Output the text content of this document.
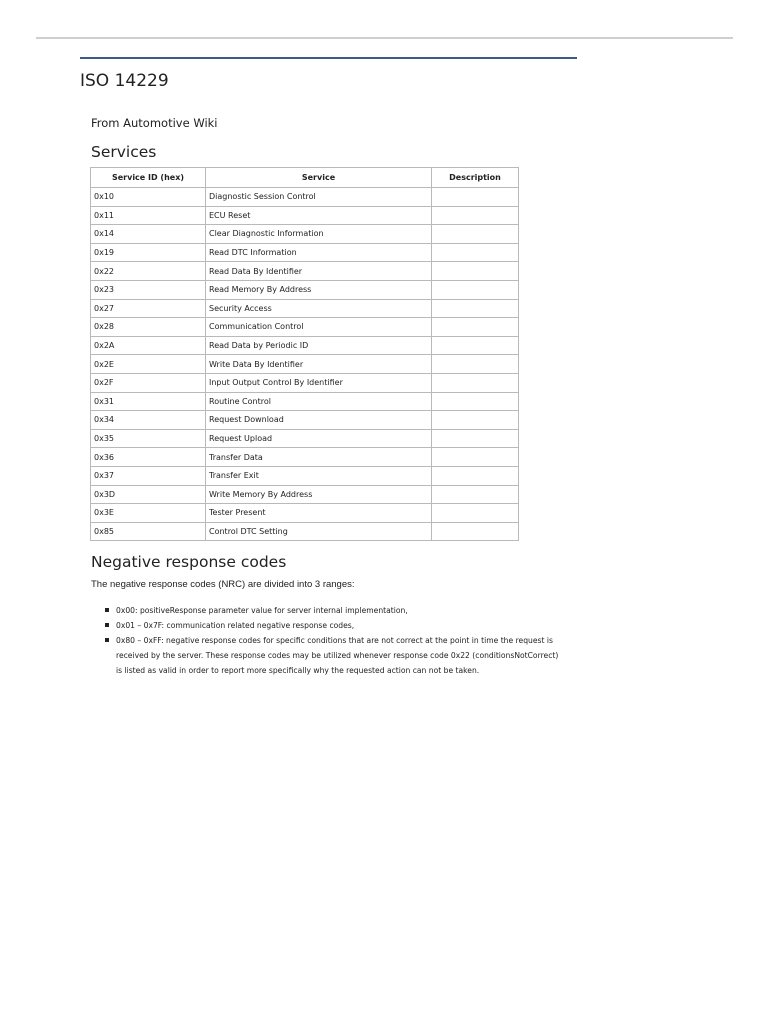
ISO 14229
From Automotive Wiki
Services
Service ID (hex)	Service	Description
0x10	Diagnostic Session Control	
0x11	ECU Reset	
0x14	Clear Diagnostic Information	
0x19	Read DTC Information	
0x22	Read Data By Identifier	
0x23	Read Memory By Address	
0x27	Security Access	
0x28	Communication Control	
0x2A	Read Data by Periodic ID	
0x2E	Write Data By Identifier	
0x2F	Input Output Control By Identifier	
0x31	Routine Control	
0x34	Request Download	
0x35	Request Upload	
0x36	Transfer Data	
0x37	Transfer Exit	
0x3D	Write Memory By Address	
0x3E	Tester Present	
0x85	Control DTC Setting	
Negative response codes
The negative response codes (NRC) are divided into 3 ranges:
0x00: positiveResponse parameter value for server internal implementation,
0x01 – 0x7F: communication related negative response codes,
0x80 – 0xFF: negative response codes for specific conditions that are not correct at the point in time the request is received by the server. These response codes may be utilized whenever response code 0x22 (conditionsNotCorrect) is listed as valid in order to report more specifically why the requested action can not be taken.
